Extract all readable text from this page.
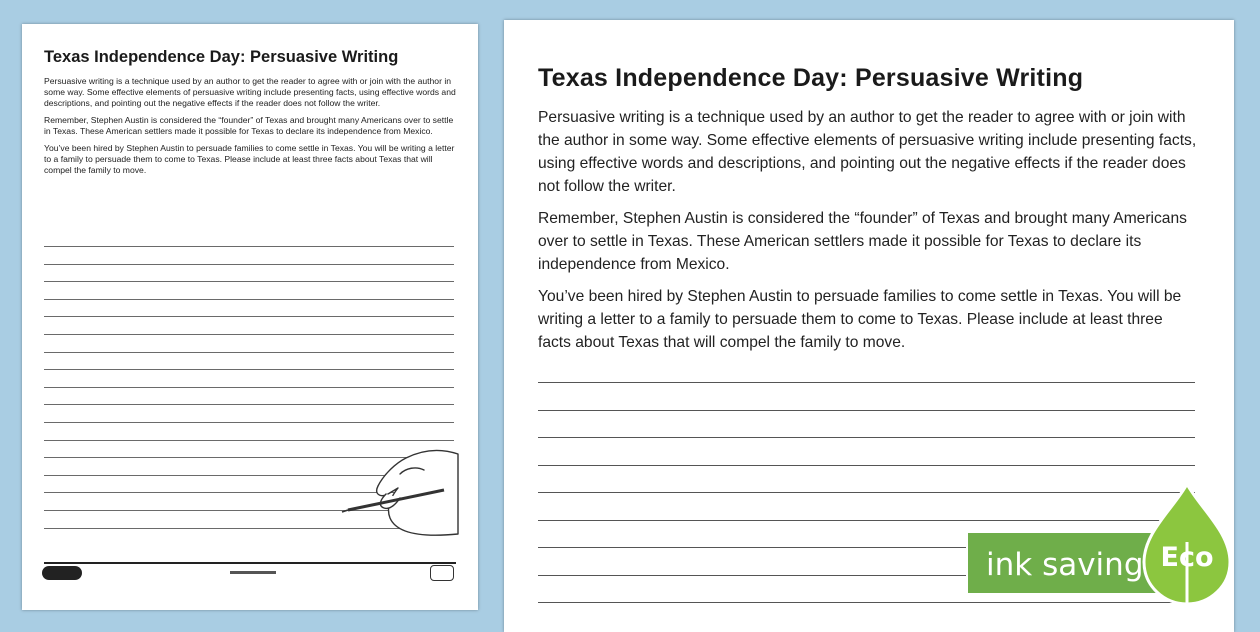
Texas Independence Day: Persuasive Writing

Persuasive writing is a technique used by an author to get the reader to agree with or join with the author in some way. Some effective elements of persuasive writing include presenting facts, using effective words and descriptions, and pointing out the negative effects if the reader does not follow the writer.

Remember, Stephen Austin is considered the “founder” of Texas and brought many Americans over to settle in Texas. These American settlers made it possible for Texas to declare its independence from Mexico.

You’ve been hired by Stephen Austin to persuade families to come settle in Texas. You will be writing a letter to a family to persuade them to come to Texas. Please include at least three facts about Texas that will compel the family to move.

Texas Independence Day: Persuasive Writing

Persuasive writing is a technique used by an author to get the reader to agree with or join with the author in some way. Some effective elements of persuasive writing include presenting facts, using effective words and descriptions, and pointing out the negative effects if the reader does not follow the writer.

Remember, Stephen Austin is considered the “founder” of Texas and brought many Americans over to settle in Texas. These American settlers made it possible for Texas to declare its independence from Mexico.

You’ve been hired by Stephen Austin to persuade families to come settle in Texas. You will be writing a letter to a family to persuade them to come to Texas. Please include at least three facts about Texas that will compel the family to move.

ink saving Eco
